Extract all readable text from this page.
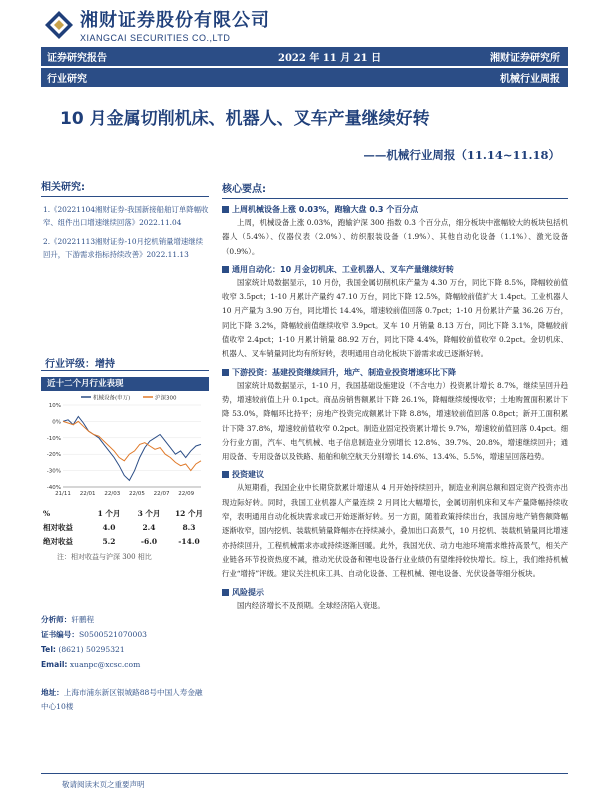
湘财证券股份有限公司
XIANGCAI SECURITIES CO.,LTD
证券研究报告	2022 年 11 月 21 日	湘财证券研究所
行业研究	机械行业周报
10 月金属切削机床、机器人、叉车产量继续好转
——机械行业周报（11.14~11.18）
相关研究:
1.《20221104湘财证券-我国新接船舶订单降幅收窄、组件出口增速继续回落》2022.11.04
2.《20221113湘财证券-10月挖机销量增速继续回升，下游需求指标持续改善》2022.11.13
行业评级：增持
近十二个月行业表现
机械设备(申万)	沪深300
10%
0%
-10%
-20%
-30%
-40%
21/11 22/01 22/03 22/05 22/07 22/09
%	1 个月	3 个月	12 个月
相对收益	4.0	2.4	8.3
绝对收益	5.2	-6.0	-14.0
注：相对收益与沪深 300 相比
分析师：轩鹏程
证书编号：S0500521070003
Tel: (8621) 50295321
Email: xuanpc@xcsc.com
地址：上海市浦东新区银城路88号中国人寿金融中心10楼
核心要点:
上周机械设备上涨 0.03%，跑输大盘 0.3 个百分点
上周，机械设备上涨 0.03%，跑输沪深 300 指数 0.3 个百分点，细分板块中涨幅较大的板块包括机器人（5.4%）、仪器仪表（2.0%）、纺织服装设备（1.9%）、其他自动化设备（1.1%）、激光设备（0.9%）。
通用自动化：10 月金切机床、工业机器人、叉车产量继续好转
国家统计局数据显示，10 月份，我国金属切削机床产量为 4.30 万台，同比下降 8.5%，降幅较前值收窄 3.5pct；1-10 月累计产量约 47.10 万台，同比下降 12.5%，降幅较前值扩大 1.4pct。工业机器人 10 月产量为 3.90 万台，同比增长 14.4%，增速较前值回落 0.7pct；1-10 月份累计产量 36.26 万台，同比下降 3.2%，降幅较前值继续收窄 3.9pct。叉车 10 月销量 8.13 万台，同比下降 3.1%，降幅较前值收窄 2.4pct；1-10 月累计销量 88.92 万台，同比下降 4.4%，降幅较前值收窄 0.2pct。金切机床、机器人、叉车销量同比均有所好转，表明通用自动化板块下游需求或已逐渐好转。
下游投资：基建投资继续回升，地产、制造业投资增速环比下降
国家统计局数据显示，1-10 月，我国基础设施建设（不含电力）投资累计增长 8.7%，继续呈回升趋势，增速较前值上升 0.1pct。商品房销售额累计下降 26.1%，降幅继续缓慢收窄；土地购置面积累计下降 53.0%，降幅环比持平；房地产投资完成额累计下降 8.8%，增速较前值回落 0.8pct；新开工面积累计下降 37.8%，增速较前值收窄 0.2pct。制造业固定投资累计增长 9.7%，增速较前值回落 0.4pct。细分行业方面，汽车、电气机械、电子信息制造业分别增长 12.8%、39.7%、20.8%，增速继续回升；通用设备、专用设备以及铁路、船舶和航空航天分别增长 14.6%、13.4%、5.5%，增速呈回落趋势。
投资建议
从短期看，我国企业中长期贷款累计增速从 4 月开始持续回升，制造业利润总额和固定资产投资亦出现边际好转。同时，我国工业机器人产量连续 2 月同比大幅增长，金属切削机床和叉车产量降幅持续收窄，表明通用自动化板块需求或已开始逐渐好转。另一方面，随着政策持续出台，我国房地产销售额降幅逐渐收窄，国内挖机、装载机销量降幅亦在持续减小，叠加出口高景气，10 月挖机、装载机销量同比增速亦持续回升，工程机械需求亦或持续逐渐回暖。此外，我国光伏、动力电池环境需求维持高景气，相关产业链各环节投资热度不减，推动光伏设备和锂电设备行业业绩仍有望维持较快增长。综上，我们维持机械行业“增持”评级。建议关注机床工具、自动化设备、工程机械、锂电设备、光伏设备等细分板块。
风险提示
国内经济增长不及预期。全球经济陷入衰退。
敬请阅读末页之重要声明
